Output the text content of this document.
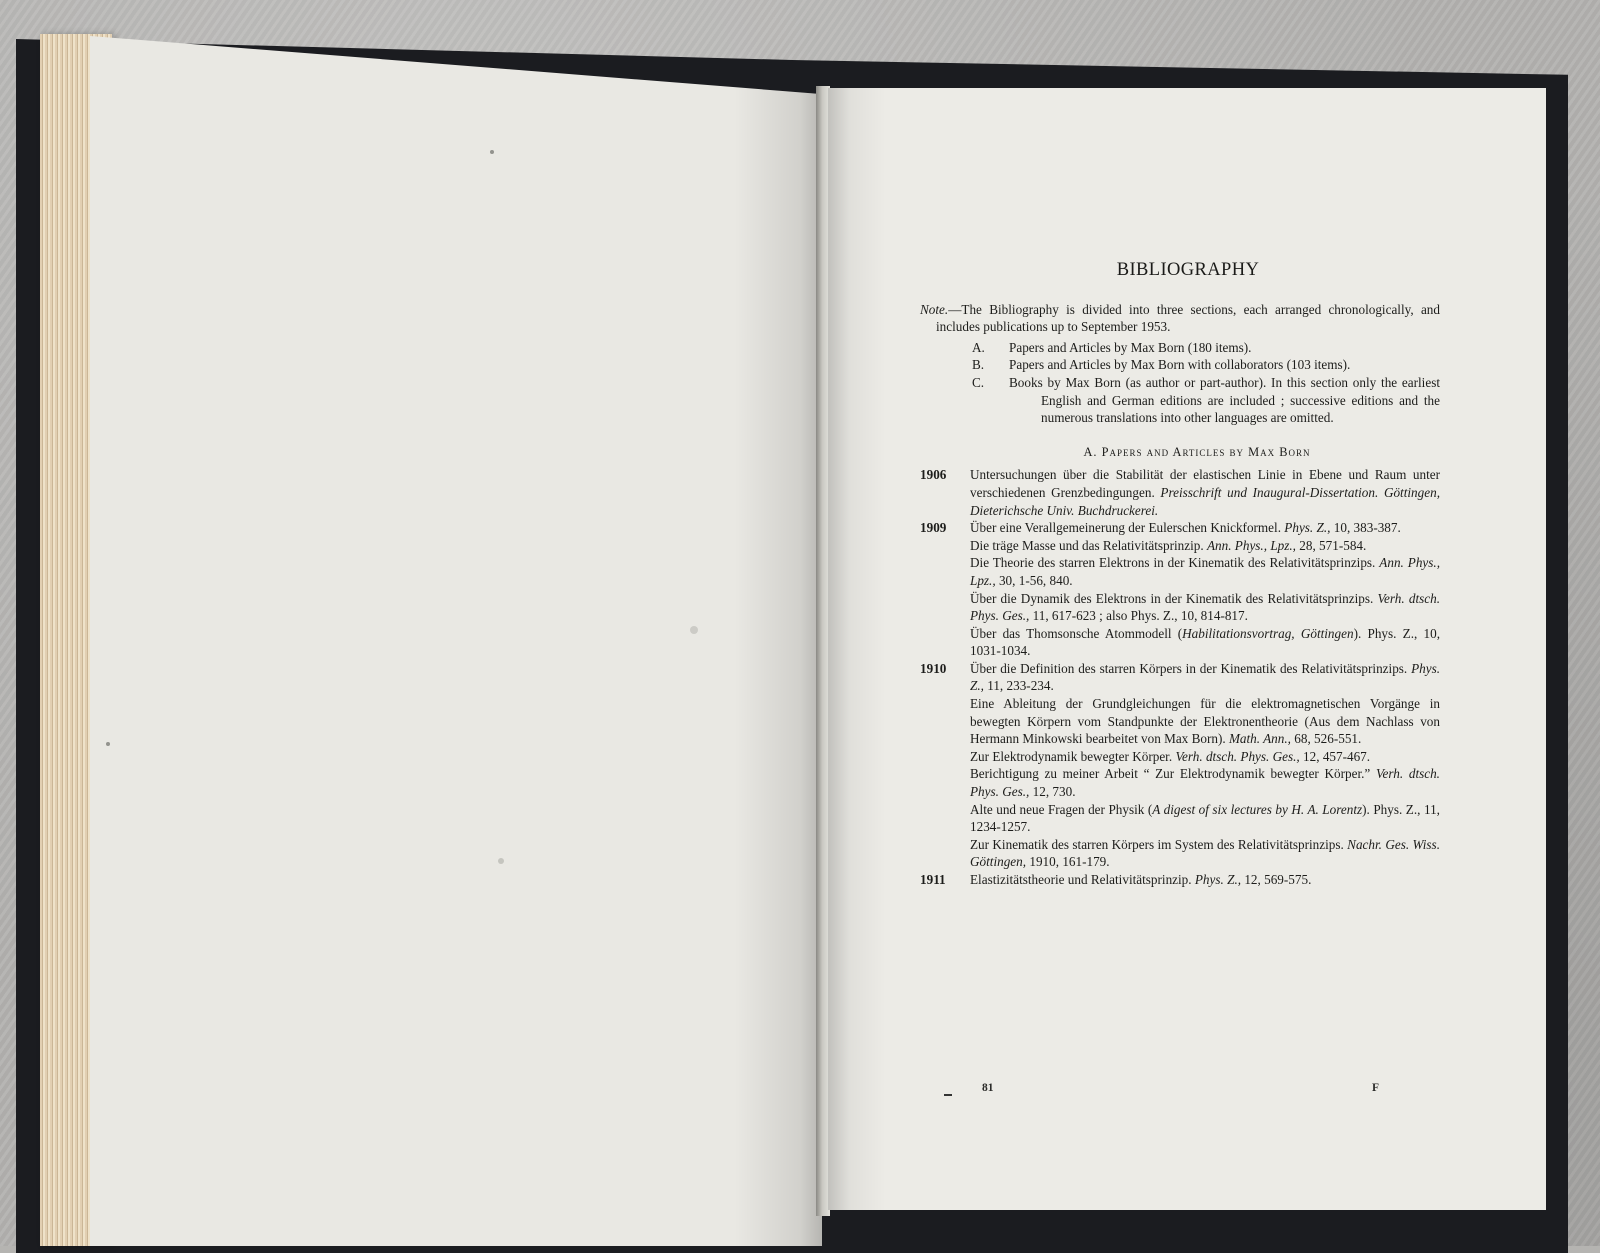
BIBLIOGRAPHY

Note.—The Bibliography is divided into three sections, each arranged chronologically, and includes publications up to September 1953.

A.	Papers and Articles by Max Born (180 items).
B.	Papers and Articles by Max Born with collaborators (103 items).
C.	Books by Max Born (as author or part-author). In this section only the earliest English and German editions are included ; successive editions and the numerous translations into other languages are omitted.
A. Papers and Articles by Max Born
1906	Untersuchungen über die Stabilität der elastischen Linie in Ebene und Raum unter verschiedenen Grenzbedingungen. Preisschrift und Inaugural-Dissertation. Göttingen, Dieterichsche Univ. Buchdruckerei.
1909	Über eine Verallgemeinerung der Eulerschen Knickformel. Phys. Z., 10, 383-387.
Die träge Masse und das Relativitätsprinzip. Ann. Phys., Lpz., 28, 571-584.
Die Theorie des starren Elektrons in der Kinematik des Relativitätsprinzips. Ann. Phys., Lpz., 30, 1-56, 840.
Über die Dynamik des Elektrons in der Kinematik des Relativitätsprinzips. Verh. dtsch. Phys. Ges., 11, 617-623 ; also Phys. Z., 10, 814-817.
Über das Thomsonsche Atommodell (Habilitationsvortrag, Göttingen). Phys. Z., 10, 1031-1034.
1910	Über die Definition des starren Körpers in der Kinematik des Relativitätsprinzips. Phys. Z., 11, 233-234.
Eine Ableitung der Grundgleichungen für die elektromagnetischen Vorgänge in bewegten Körpern vom Standpunkte der Elektronentheorie (Aus dem Nachlass von Hermann Minkowski bearbeitet von Max Born). Math. Ann., 68, 526-551.
Zur Elektrodynamik bewegter Körper. Verh. dtsch. Phys. Ges., 12, 457-467.
Berichtigung zu meiner Arbeit “ Zur Elektrodynamik bewegter Körper.” Verh. dtsch. Phys. Ges., 12, 730.
Alte und neue Fragen der Physik (A digest of six lectures by H. A. Lorentz). Phys. Z., 11, 1234-1257.
Zur Kinematik des starren Körpers im System des Relativitätsprinzips. Nachr. Ges. Wiss. Göttingen, 1910, 161-179.
1911	Elastizitätstheorie und Relativitätsprinzip. Phys. Z., 12, 569-575.
81	F
